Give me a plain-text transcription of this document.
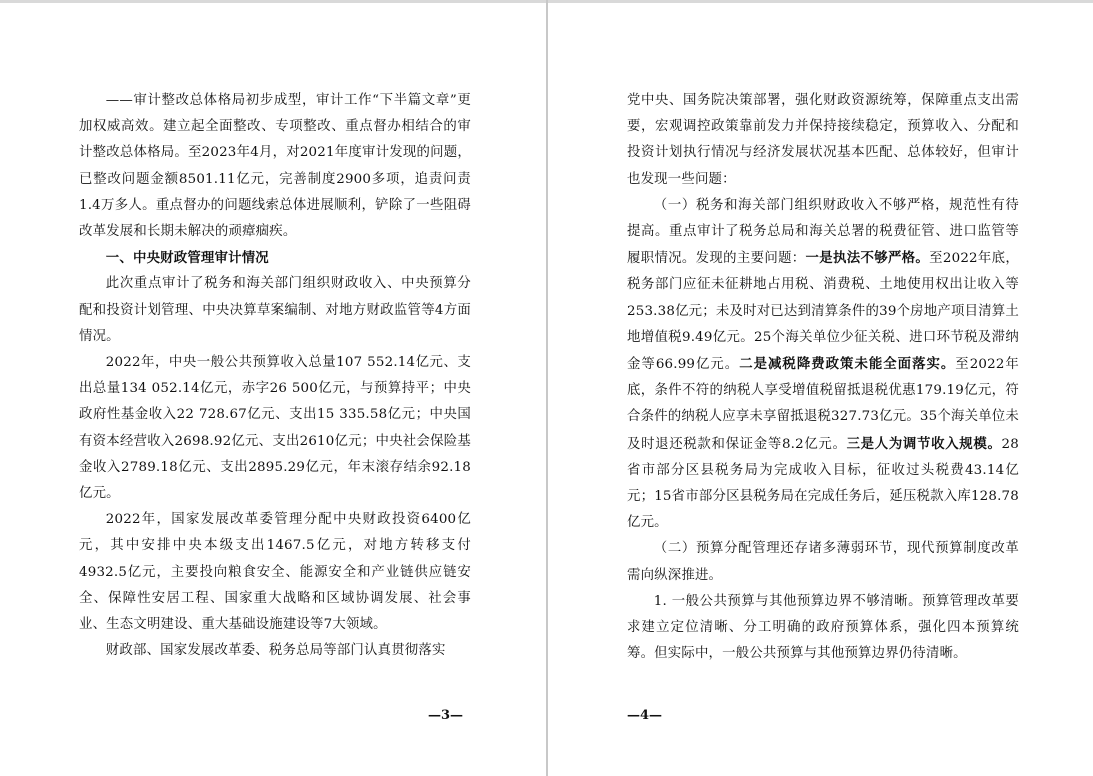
——审计整改总体格局初步成型，审计工作“下半篇文章”更加权威高效。建立起全面整改、专项整改、重点督办相结合的审计整改总体格局。至2023年4月，对2021年度审计发现的问题，已整改问题金额8501.11亿元，完善制度2900多项，追责问责1.4万多人。重点督办的问题线索总体进展顺利，铲除了一些阻碍改革发展和长期未解决的顽瘴痼疾。

一、中央财政管理审计情况

此次重点审计了税务和海关部门组织财政收入、中央预算分配和投资计划管理、中央决算草案编制、对地方财政监管等4方面情况。

2022年，中央一般公共预算收入总量107 552.14亿元、支出总量134 052.14亿元，赤字26 500亿元，与预算持平；中央政府性基金收入22 728.67亿元、支出15 335.58亿元；中央国有资本经营收入2698.92亿元、支出2610亿元；中央社会保险基金收入2789.18亿元、支出2895.29亿元，年末滚存结余92.18亿元。

2022年，国家发展改革委管理分配中央财政投资6400亿元，其中安排中央本级支出1467.5亿元，对地方转移支付4932.5亿元，主要投向粮食安全、能源安全和产业链供应链安全、保障性安居工程、国家重大战略和区域协调发展、社会事业、生态文明建设、重大基础设施建设等7大领域。

财政部、国家发展改革委、税务总局等部门认真贯彻落实

—3—

党中央、国务院决策部署，强化财政资源统筹，保障重点支出需要，宏观调控政策靠前发力并保持接续稳定，预算收入、分配和投资计划执行情况与经济发展状况基本匹配、总体较好，但审计也发现一些问题：

（一）税务和海关部门组织财政收入不够严格，规范性有待提高。重点审计了税务总局和海关总署的税费征管、进口监管等履职情况。发现的主要问题：一是执法不够严格。至2022年底，税务部门应征未征耕地占用税、消费税、土地使用权出让收入等253.38亿元；未及时对已达到清算条件的39个房地产项目清算土地增值税9.49亿元。25个海关单位少征关税、进口环节税及滞纳金等66.99亿元。二是减税降费政策未能全面落实。至2022年底，条件不符的纳税人享受增值税留抵退税优惠179.19亿元，符合条件的纳税人应享未享留抵退税327.73亿元。35个海关单位未及时退还税款和保证金等8.2亿元。三是人为调节收入规模。28省市部分区县税务局为完成收入目标，征收过头税费43.14亿元；15省市部分区县税务局在完成任务后，延压税款入库128.78亿元。

（二）预算分配管理还存诸多薄弱环节，现代预算制度改革需向纵深推进。

1. 一般公共预算与其他预算边界不够清晰。预算管理改革要求建立定位清晰、分工明确的政府预算体系，强化四本预算统筹。但实际中，一般公共预算与其他预算边界仍待清晰。

—4—
